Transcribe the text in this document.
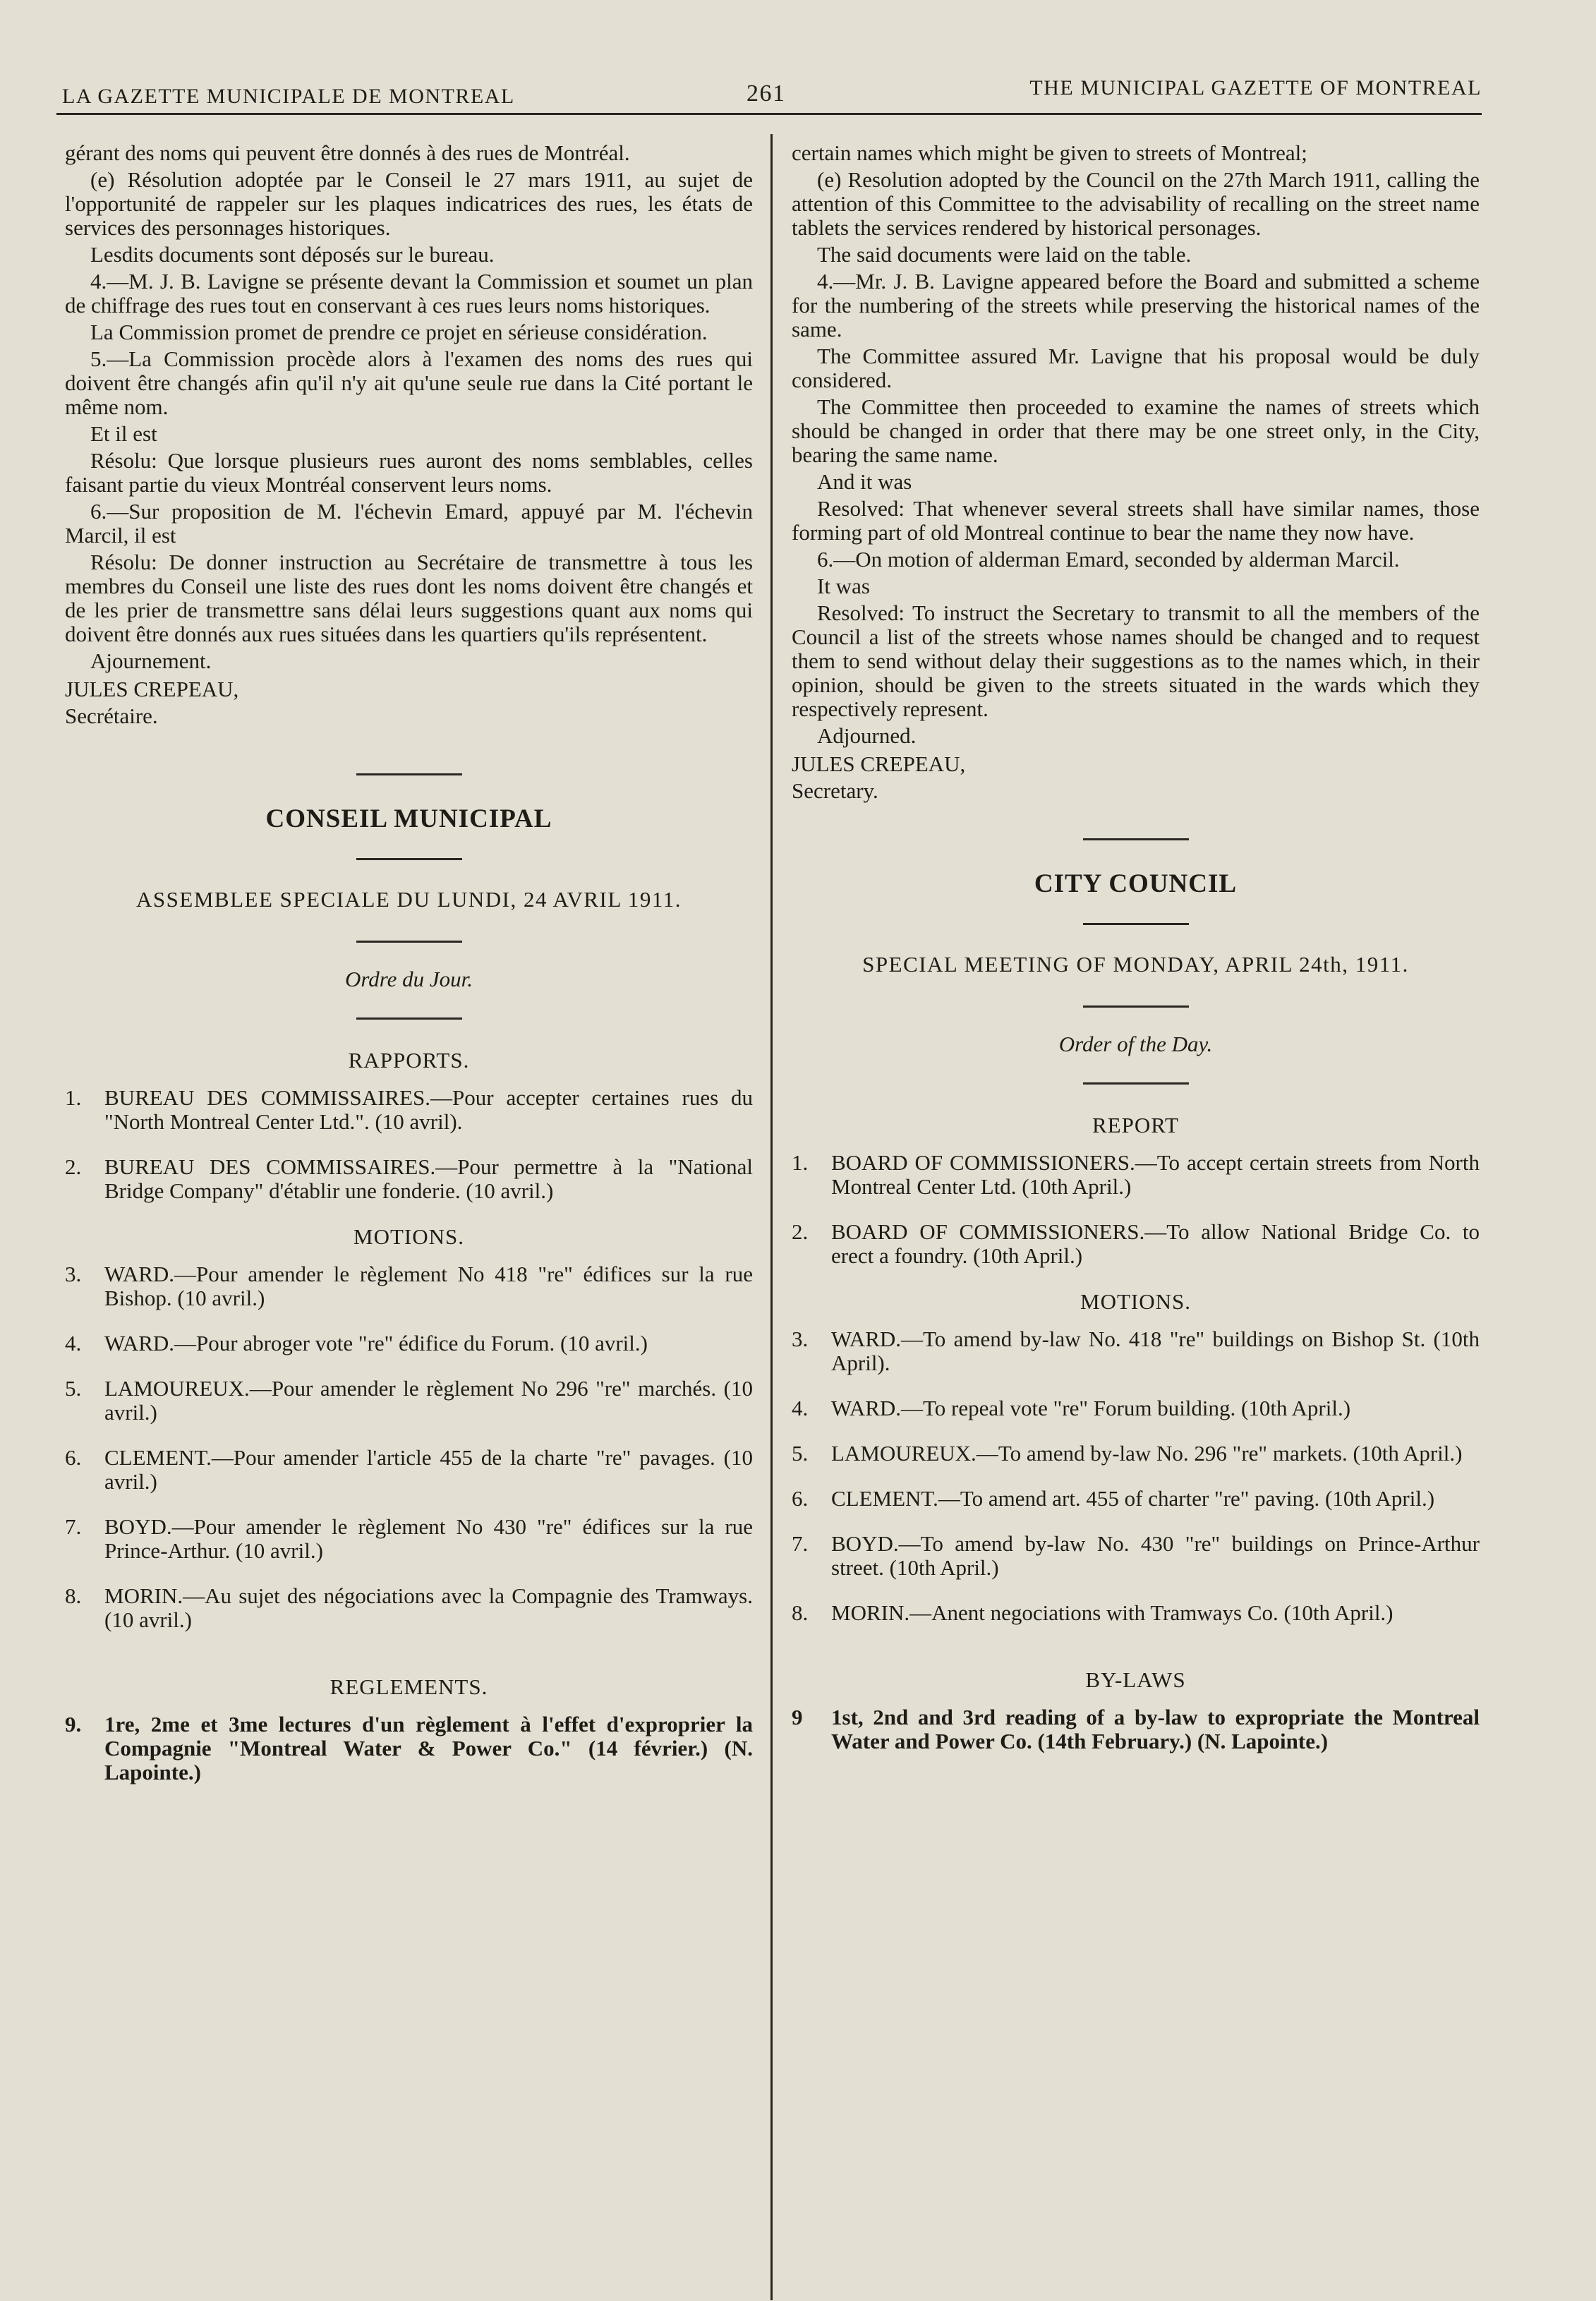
LA GAZETTE MUNICIPALE DE MONTREAL	261	THE MUNICIPAL GAZETTE OF MONTREAL

gérant des noms qui peuvent être donnés à des rues de Montréal.

(e) Résolution adoptée par le Conseil le 27 mars 1911, au sujet de l'opportunité de rappeler sur les plaques indicatrices des rues, les états de services des personnages historiques.

Lesdits documents sont déposés sur le bureau.

4.—M. J. B. Lavigne se présente devant la Commission et soumet un plan de chiffrage des rues tout en conservant à ces rues leurs noms historiques.

La Commission promet de prendre ce projet en sérieuse considération.

5.—La Commission procède alors à l'examen des noms des rues qui doivent être changés afin qu'il n'y ait qu'une seule rue dans la Cité portant le même nom.

Et il est

Résolu: Que lorsque plusieurs rues auront des noms semblables, celles faisant partie du vieux Montréal conservent leurs noms.

6.—Sur proposition de M. l'échevin Emard, appuyé par M. l'échevin Marcil, il est

Résolu: De donner instruction au Secrétaire de transmettre à tous les membres du Conseil une liste des rues dont les noms doivent être changés et de les prier de transmettre sans délai leurs suggestions quant aux noms qui doivent être donnés aux rues situées dans les quartiers qu'ils représentent.

Ajournement.

JULES CREPEAU,

Secrétaire.

CONSEIL MUNICIPAL
ASSEMBLEE SPECIALE DU LUNDI, 24 AVRIL 1911.
Ordre du Jour.
RAPPORTS.
1.	BUREAU DES COMMISSAIRES.—Pour accepter certaines rues du "North Montreal Center Ltd.". (10 avril).
2.	BUREAU DES COMMISSAIRES.—Pour permettre à la "National Bridge Company" d'établir une fonderie. (10 avril.)
MOTIONS.
3.	WARD.—Pour amender le règlement No 418 "re" édifices sur la rue Bishop. (10 avril.)
4.	WARD.—Pour abroger vote "re" édifice du Forum. (10 avril.)
5.	LAMOUREUX.—Pour amender le règlement No 296 "re" marchés. (10 avril.)
6.	CLEMENT.—Pour amender l'article 455 de la charte "re" pavages. (10 avril.)
7.	BOYD.—Pour amender le règlement No 430 "re" édifices sur la rue Prince-Arthur. (10 avril.)
8.	MORIN.—Au sujet des négociations avec la Compagnie des Tramways. (10 avril.)
REGLEMENTS.
9.	1re, 2me et 3me lectures d'un règlement à l'effet d'exproprier la Compagnie "Montreal Water & Power Co." (14 février.) (N. Lapointe.)

certain names which might be given to streets of Montreal;

(e) Resolution adopted by the Council on the 27th March 1911, calling the attention of this Committee to the advisability of recalling on the street name tablets the services rendered by historical personages.

The said documents were laid on the table.

4.—Mr. J. B. Lavigne appeared before the Board and submitted a scheme for the numbering of the streets while preserving the historical names of the same.

The Committee assured Mr. Lavigne that his proposal would be duly considered.

The Committee then proceeded to examine the names of streets which should be changed in order that there may be one street only, in the City, bearing the same name.

And it was

Resolved: That whenever several streets shall have similar names, those forming part of old Montreal continue to bear the name they now have.

6.—On motion of alderman Emard, seconded by alderman Marcil.

It was

Resolved: To instruct the Secretary to transmit to all the members of the Council a list of the streets whose names should be changed and to request them to send without delay their suggestions as to the names which, in their opinion, should be given to the streets situated in the wards which they respectively represent.

Adjourned.

JULES CREPEAU,

Secretary.

CITY COUNCIL
SPECIAL MEETING OF MONDAY, APRIL 24th, 1911.
Order of the Day.
REPORT
1.	BOARD OF COMMISSIONERS.—To accept certain streets from North Montreal Center Ltd. (10th April.)
2.	BOARD OF COMMISSIONERS.—To allow National Bridge Co. to erect a foundry. (10th April.)
MOTIONS.
3.	WARD.—To amend by-law No. 418 "re" buildings on Bishop St. (10th April).
4.	WARD.—To repeal vote "re" Forum building. (10th April.)
5.	LAMOUREUX.—To amend by-law No. 296 "re" markets. (10th April.)
6.	CLEMENT.—To amend art. 455 of charter "re" paving. (10th April.)
7.	BOYD.—To amend by-law No. 430 "re" buildings on Prince-Arthur street. (10th April.)
8.	MORIN.—Anent negociations with Tramways Co. (10th April.)
BY-LAWS
9	1st, 2nd and 3rd reading of a by-law to expropriate the Montreal Water and Power Co. (14th February.) (N. Lapointe.)
